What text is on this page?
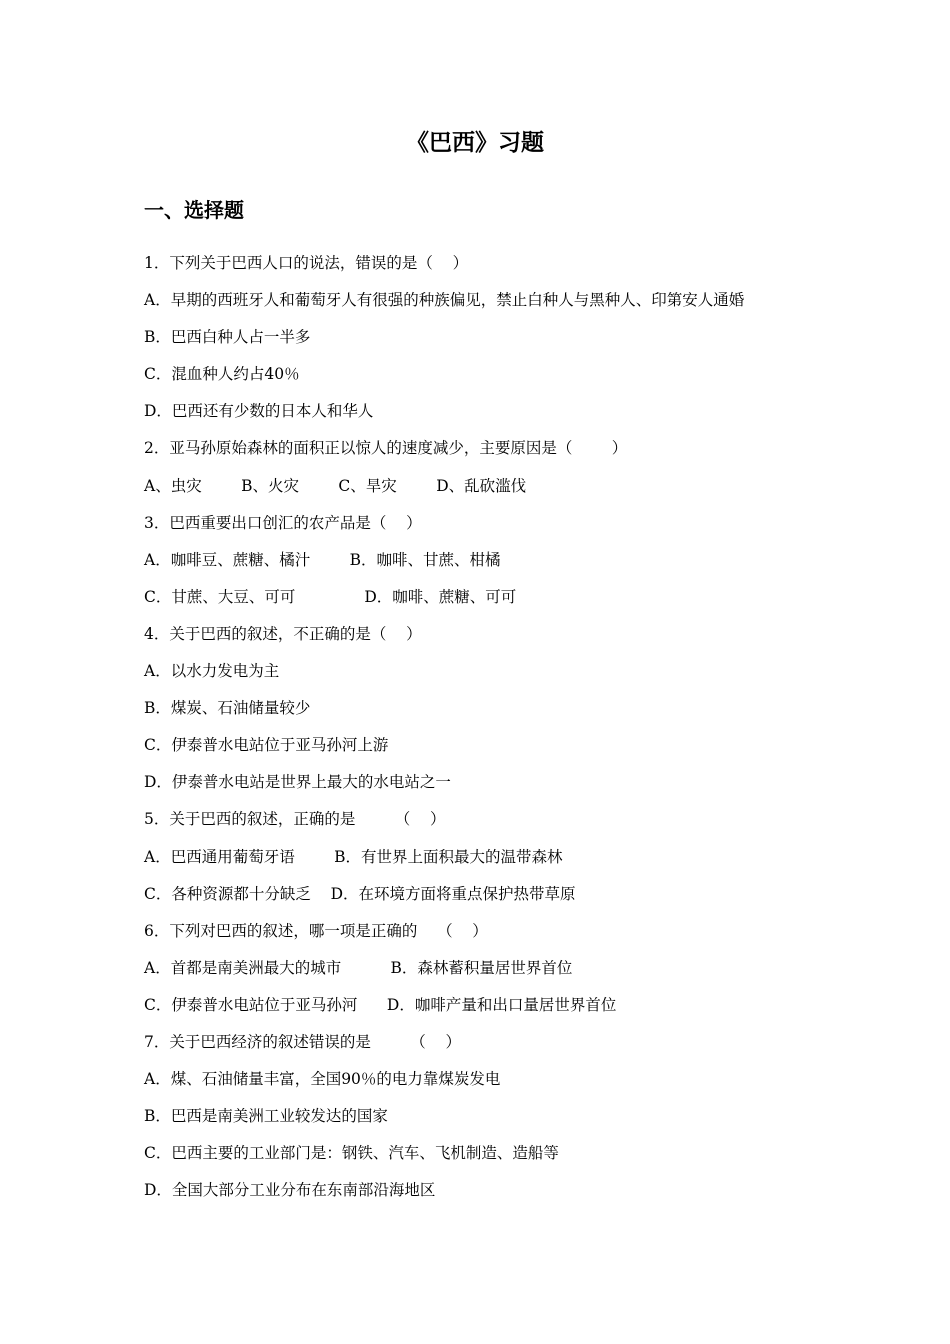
《巴西》习题
一、选择题

1．下列关于巴西人口的说法，错误的是（    ）

A．早期的西班牙人和葡萄牙人有很强的种族偏见，禁止白种人与黑种人、印第安人通婚

B．巴西白种人占一半多

C．混血种人约占40％

D．巴西还有少数的日本人和华人

2．亚马孙原始森林的面积正以惊人的速度减少，主要原因是（        ）

A、虫灾        B、火灾        C、旱灾        D、乱砍滥伐

3．巴西重要出口创汇的农产品是（    ）

A．咖啡豆、蔗糖、橘汁        B．咖啡、甘蔗、柑橘

C．甘蔗、大豆、可可              D．咖啡、蔗糖、可可

4．关于巴西的叙述，不正确的是（    ）

A．以水力发电为主

B．煤炭、石油储量较少

C．伊泰普水电站位于亚马孙河上游

D．伊泰普水电站是世界上最大的水电站之一

5．关于巴西的叙述，正确的是        （    ）

A．巴西通用葡萄牙语        B．有世界上面积最大的温带森林

C．各种资源都十分缺乏    D．在环境方面将重点保护热带草原

6．下列对巴西的叙述，哪一项是正确的    （    ）

A．首都是南美洲最大的城市          B．森林蓄积量居世界首位

C．伊泰普水电站位于亚马孙河      D．咖啡产量和出口量居世界首位

7．关于巴西经济的叙述错误的是        （    ）

A．煤、石油储量丰富，全国90％的电力靠煤炭发电

B．巴西是南美洲工业较发达的国家

C．巴西主要的工业部门是：钢铁、汽车、飞机制造、造船等

D．全国大部分工业分布在东南部沿海地区
